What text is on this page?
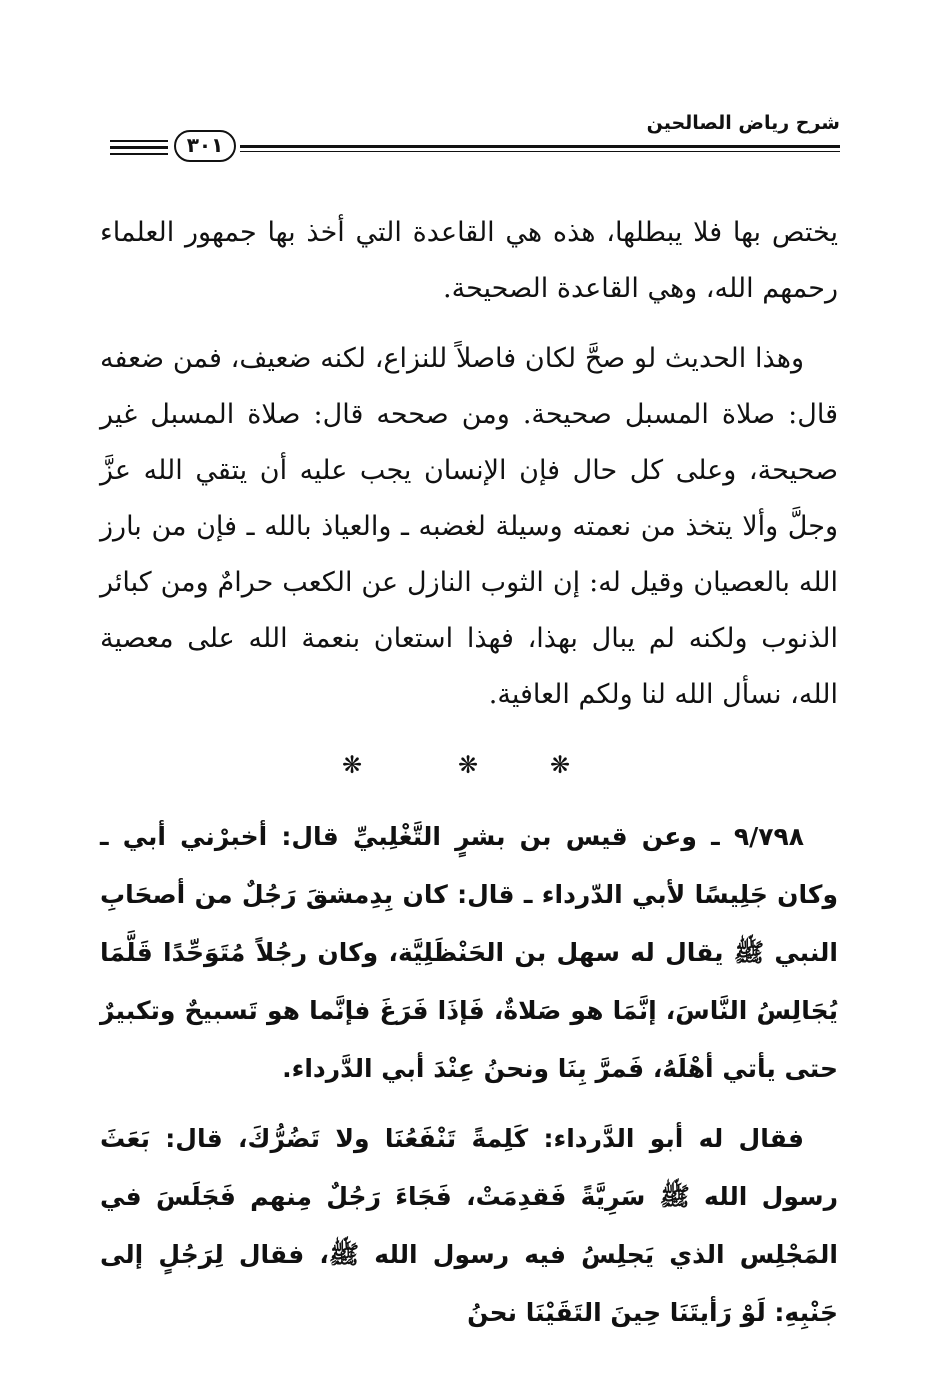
شرح رياض الصالحين
٣٠١

يختص بها فلا يبطلها، هذه هي القاعدة التي أخذ بها جمهور العلماء رحمهم الله، وهي القاعدة الصحيحة.

وهذا الحديث لو صحَّ لكان فاصلاً للنزاع، لكنه ضعيف، فمن ضعفه قال: صلاة المسبل صحيحة. ومن صححه قال: صلاة المسبل غير صحيحة، وعلى كل حال فإن الإنسان يجب عليه أن يتقي الله عزَّ وجلَّ وألا يتخذ من نعمته وسيلة لغضبه ـ والعياذ بالله ـ فإن من بارز الله بالعصيان وقيل له: إن الثوب النازل عن الكعب حرامٌ ومن كبائر الذنوب ولكنه لم يبال بهذا، فهذا استعان بنعمة الله على معصية الله، نسأل الله لنا ولكم العافية.

❋	❋	❋

٩/٧٩٨ ـ وعن قيس بن بشرٍ التَّغْلِبيِّ قال: أخبرْني أبي ـ وكان جَلِيسًا لأبي الدّرداء ـ قال: كان بِدِمشقَ رَجُلٌ من أصحَابِ النبي ﷺ يقال له سهل بن الحَنْظَلِيَّة، وكان رجُلاً مُتَوَحِّدًا قَلَّمَا يُجَالِسُ النَّاسَ، إنَّمَا هو صَلاةٌ، فَإذَا فَرَغَ فإنَّما هو تَسبيحٌ وتكبيرٌ حتى يأتي أهْلَهُ، فَمرَّ بِنَا ونحنُ عِنْدَ أبي الدَّرداء.

فقال له أبو الدَّرداء: كَلِمةً تَنْفَعُنَا ولا تَضُرُّكَ، قال: بَعَثَ رسول الله ﷺ سَرِيَّةً فَقدِمَتْ، فَجَاءَ رَجُلٌ مِنهم فَجَلَسَ في المَجْلِس الذي يَجلِسُ فيه رسول الله ﷺ، فقال لِرَجُلٍ إلى جَنْبِهِ: لَوْ رَأيتَنَا حِينَ التَقَيْنَا نحنُ
